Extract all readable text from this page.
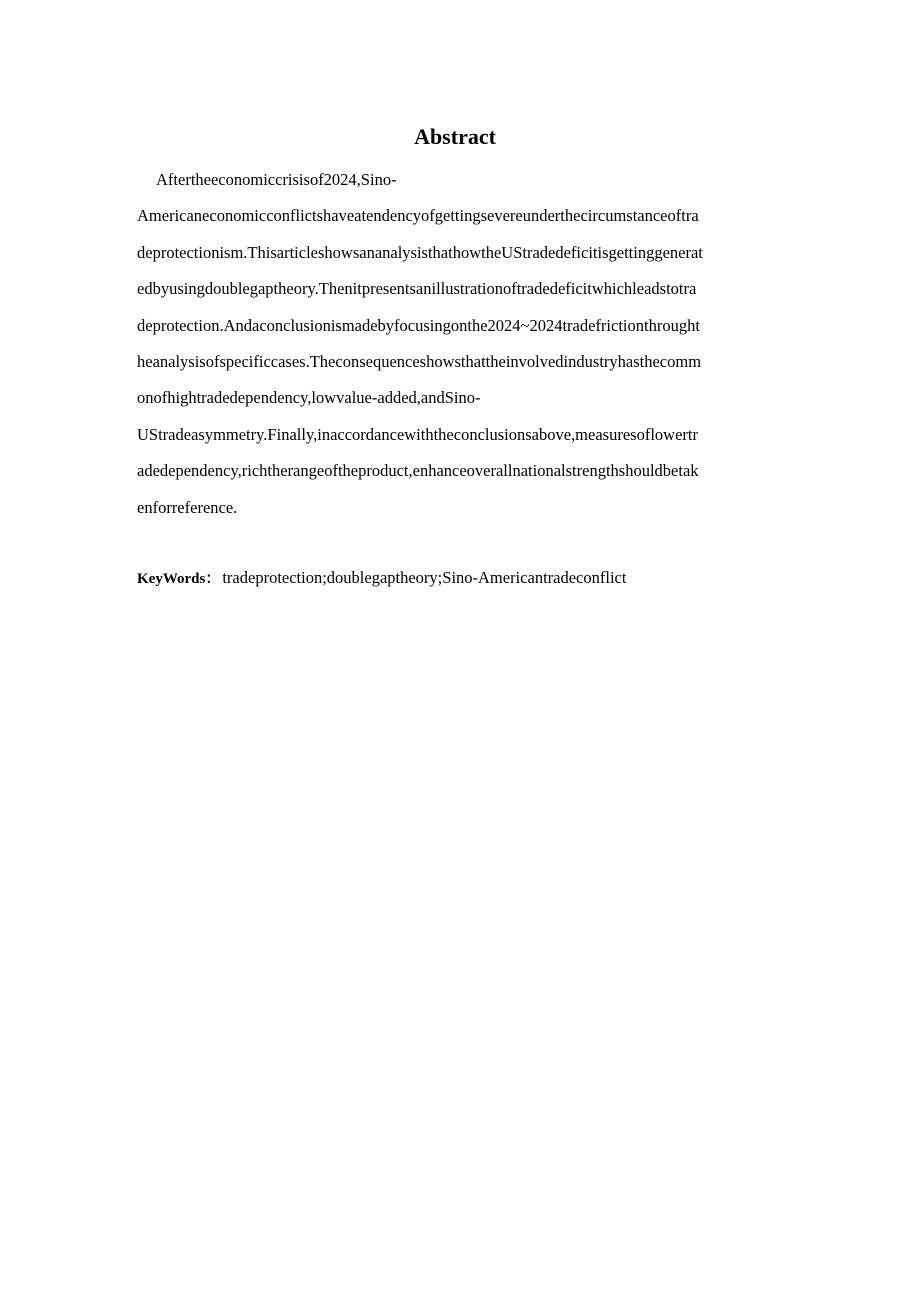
Abstract
Aftertheeconomiccrisisof2024,Sino-
Americaneconomicconflictshaveatendencyofgettingsevereunderthecircumstanceoftra
deprotectionism.ThisarticleshowsananalysisthathowtheUStradedeficitisgettinggenerat
edbyusingdoublegaptheory.Thenitpresentsanillustrationoftradedeficitwhichleadstotra
deprotection.Andaconclusionismadebyfocusingonthe2024~2024tradefrictionthrought
heanalysisofspecificcases.Theconsequenceshowsthattheinvolvedindustryhasthecomm
onofhightradedependency,lowvalue-added,andSino-
UStradeasymmetry.Finally,inaccordancewiththeconclusionsabove,measuresoflowertr
adedependency,richtherangeoftheproduct,enhanceoverallnationalstrengthshouldbetak
enforreference.
KeyWords： tradeprotection;doublegaptheory;Sino-Americantradeconflict
